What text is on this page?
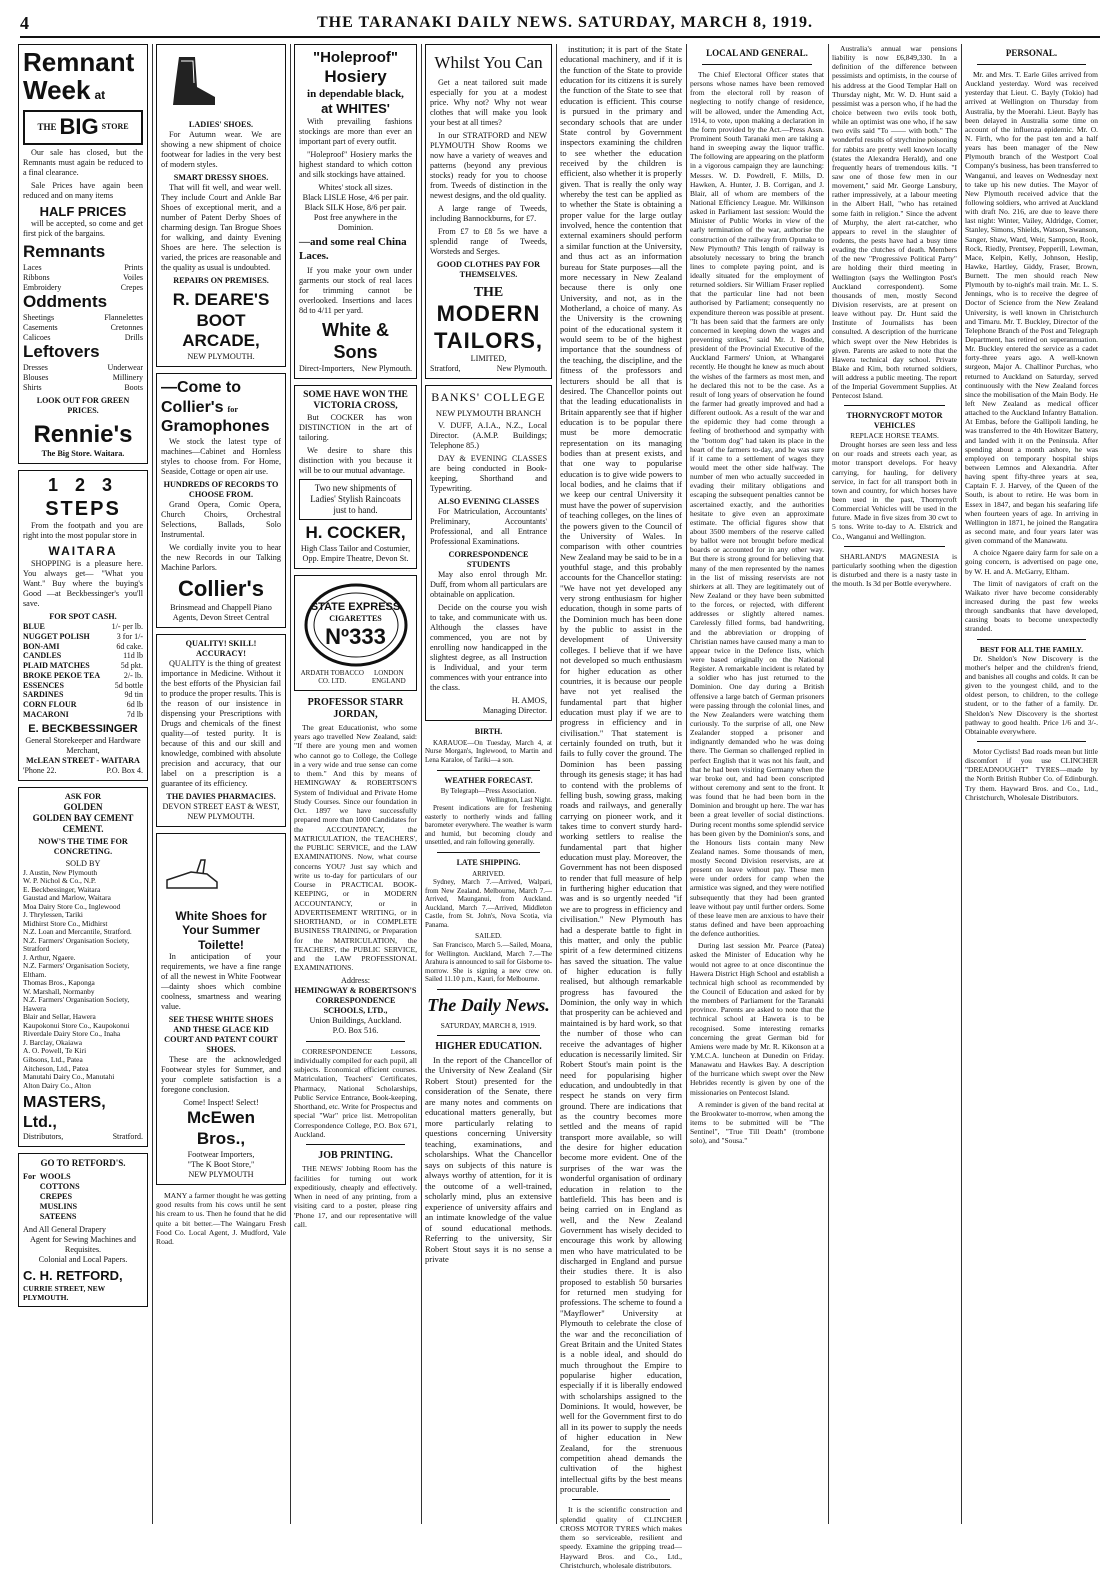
4	THE TARANAKI DAILY NEWS. SATURDAY, MARCH 8, 1919.
Remnant
Week at
THE BIG STORE
Our sale has closed, but the Remnants must again be reduced to a final clearance.
Sale Prices have again been reduced and on many items
HALF PRICES
will be accepted, so come and get first pick of the bargains.
Remnants
Laces	Prints
Ribbons	Voiles
Embroidery	Crepes
Oddments
Sheetings	Flannelettes
Casements	Cretonnes
Calicoes	Drills
Leftovers
Dresses	Underwear
Blouses	Millinery
Shirts	Boots
LOOK OUT FOR GREEN PRICES.
Rennie's
The Big Store. Waitara.
1 2 3
STEPS
From the footpath and you are right into the most popular store in
WAITARA
SHOPPING is a pleasure here. You always get— "What you Want." Buy where the buying's Good —at Beckbessinger's you'll save.
FOR SPOT CASH.
BLUE	1/- per lb.
NUGGET POLISH	3 for 1/-
BON-AMI	6d cake.
CANDLES	11d lb
PLAID MATCHES	5d pkt.
BROKE PEKOE TEA	2/- lb.
ESSENCES	5d bottle
SARDINES	9d tin
CORN FLOUR	6d lb
MACARONI	7d lb
E. BECKBESSINGER
General Storekeeper and Hardware Merchant,
McLEAN STREET - WAITARA
'Phone 22.	P.O. Box 4.
ASK FOR
GOLDEN
GOLDEN BAY CEMENT
CEMENT.
NOW'S THE TIME FOR CONCRETING.
SOLD BY
J. Austin, New Plymouth
W. P. Nichol & Co., N.P.
E. Beckbessinger, Waitara
Gaustad and Marlow, Waitara
Moa Dairy Store Co., Inglewood
J. Thrylessen, Tariki
Midhirst Store Co., Midhirst
N.Z. Loan and Mercantile, Stratford.
N.Z. Farmers' Organisation Society, Stratford
J. Arthur, Ngaere.
N.Z. Farmers' Organisation Society, Eltham.
Thomas Bros., Kaponga
W. Marshall, Normanby
N.Z. Farmers' Organisation Society, Hawera
Blair and Sellar, Hawera
Kaupokonui Store Co., Kaupokonui
Riverdale Dairy Store Co., Inaha
J. Barclay, Okaiawa
A. O. Powell, Te Kiri
Gibsons, Ltd., Patea
Aitcheson, Ltd., Patea
Manutahi Dairy Co., Manutahi
Alton Dairy Co., Alton
MASTERS, Ltd.,
Distributors,	Stratford.
GO TO RETFORD'S.
For WOOLS
COTTONS
CREPES
MUSLINS
SATEENS
And All General Drapery
Agent for Sewing Machines and Requisites.
Colonial and Local Papers.
C. H. RETFORD,
CURRIE STREET, NEW PLYMOUTH.
LADIES' SHOES.
For Autumn wear. We are showing a new shipment of choice footwear for ladies in the very best of modern styles.
SMART DRESSY SHOES.
That will fit well, and wear well. They include Court and Ankle Bar Shoes of exceptional merit, and a number of Patent Derby Shoes of charming design. Tan Brogue Shoes for walking, and dainty Evening Shoes are here. The selection is varied, the prices are reasonable and the quality as usual is undoubted.
REPAIRS ON PREMISES.
R. DEARE'S
BOOT
ARCADE,
NEW PLYMOUTH.
—Come to
Collier's for
Gramophones
We stock the latest type of machines—Cabinet and Hornless styles to choose from. For Home, Seaside, Cottage or open air use.
HUNDREDS OF RECORDS TO CHOOSE FROM.
Grand Opera, Comic Opera, Church Choirs, Orchestral Selections, Ballads, Solo Instrumental.
We cordially invite you to hear the new Records in our Talking Machine Parlors.
Collier's
Brinsmead and Chappell Piano Agents, Devon Street Central
QUALITY! SKILL! ACCURACY!
QUALITY is the thing of greatest importance in Medicine. Without it the best efforts of the Physician fail to produce the proper results. This is the reason of our insistence in dispensing your Prescriptions with Drugs and chemicals of the finest quality—of tested purity. It is because of this and our skill and knowledge, combined with absolute precision and accuracy, that our label on a prescription is a guarantee of its efficiency.
THE DAVIES PHARMACIES.
DEVON STREET EAST & WEST, NEW PLYMOUTH.
White Shoes for
Your Summer
Toilette!
In anticipation of your requirements, we have a fine range of all the newest in White Footwear—dainty shoes which combine coolness, smartness and wearing value.
SEE THESE WHITE SHOES AND THESE GLACE KID COURT AND PATENT COURT SHOES.
These are the acknowledged Footwear styles for Summer, and your complete satisfaction is a foregone conclusion.
Come! Inspect! Select!
McEwen Bros.,
Footwear Importers,
"The K Boot Store,"
NEW PLYMOUTH
MANY a farmer thought he was getting good results from his cows until he sent his cream to us. Then he found that he did quite a bit better.—The Waingaru Fresh Food Co. Local Agent, J. Mudford, Vale Road.
"Holeproof"
Hosiery
in dependable black,
at WHITES'
With prevailing fashions stockings are more than ever an important part of every outfit.
"Holeproof" Hosiery marks the highest standard to which cotton and silk stockings have attained.
Whites' stock all sizes.
Black LISLE Hose, 4/6 per pair.
Black SILK Hose, 8/6 per pair.
Post free anywhere in the Dominion.
—and some real China Laces.
If you make your own under garments our stock of real laces for trimming cannot be overlooked. Insertions and laces 8d to 4/11 per yard.
White & Sons
Direct-Importers, New Plymouth.
SOME HAVE WON THE VICTORIA CROSS,
But COCKER has won DISTINCTION in the art of tailoring.
We desire to share this distinction with you because it will be to our mutual advantage.
Two new shipments of Ladies' Stylish Raincoats just to hand.
H. COCKER,
High Class Tailor and Costumier,
Opp. Empire Theatre, Devon St.
STATE EXPRESS
CIGARETTES
Nº333
ARDATH TOBACCO CO. LTD.
LONDON ENGLAND
PROFESSOR STARR JORDAN,
The great Educationist, who some years ago travelled New Zealand, said: "If there are young men and women who cannot go to College, the College in a very wide and true sense can come to them." And this by means of HEMINGWAY & ROBERTSON'S System of Individual and Private Home Study Courses. Since our foundation in Oct. 1897 we have successfully prepared more than 1000 Candidates for the ACCOUNTANCY, the MATRICULATION, the TEACHERS', the PUBLIC SERVICE, and the LAW EXAMINATIONS. Now, what course concerns YOU? Just say which and write us to-day for particulars of our Course in PRACTICAL BOOK-KEEPING, or in MODERN ACCOUNTANCY, or in ADVERTISEMENT WRITING, or in SHORTHAND, or in COMPLETE BUSINESS TRAINING, or Preparation for the MATRICULATION, the TEACHERS', the PUBLIC SERVICE, and the LAW PROFESSIONAL EXAMINATIONS.
Address:
HEMINGWAY & ROBERTSON'S CORRESPONDENCE SCHOOLS, LTD.,
Union Buildings, Auckland.
P.O. Box 516.
CORRESPONDENCE Lessons, individually compiled for each pupil, all subjects. Economical efficient courses. Matriculation, Teachers' Certificates, Pharmacy, National Scholarships, Public Service Entrance, Book-keeping, Shorthand, etc. Write for Prospectus and special "War" price list. Metropolitan Correspondence College, P.O. Box 671, Auckland.
JOB PRINTING.
THE NEWS' Jobbing Room has the facilities for turning out work expeditiously, cheaply and effectively. When in need of any printing, from a visiting card to a poster, please ring 'Phone 17, and our representative will call.
Whilst You Can
Get a neat tailored suit made especially for you at a modest price. Why not? Why not wear clothes that will make you look your best at all times?
In our STRATFORD and NEW PLYMOUTH Show Rooms we now have a variety of weaves and patterns (beyond any previous stocks) ready for you to choose from. Tweeds of distinction in the newest designs, and the old quality.
A large range of Tweeds, including Bannockburns, for £7.
From £7 to £8 5s we have a splendid range of Tweeds, Worsteds and Serges.
GOOD CLOTHES PAY FOR THEMSELVES.
THE
MODERN
TAILORS,
LIMITED,
Stratford,	New Plymouth.
BANKS' COLLEGE
NEW PLYMOUTH BRANCH
V. DUFF, A.I.A., N.Z., Local Director. (A.M.P. Buildings; Telephone 85.)
DAY & EVENING CLASSES are being conducted in Book-keeping, Shorthand and Typewriting.
ALSO EVENING CLASSES
For Matriculation, Accountants' Preliminary, Accountants' Professional, and all Entrance Professional Examinations.
CORRESPONDENCE STUDENTS
May also enrol through Mr. Duff, from whom all particulars are obtainable on application.
Decide on the course you wish to take, and communicate with us. Although the classes have commenced, you are not by enrolling now handicapped in the slightest degree, as all Instruction is Individual, and your term commences with your entrance into the class.
H. AMOS,
Managing Director.
BIRTH.
KARAUOE—On Tuesday, March 4, at Nurse Morgan's, Inglewood, to Martin and Lena Karaloe, of Tariki—a son.
WEATHER FORECAST.
By Telegraph—Press Association.
Wellington, Last Night.
Present indications are for freshening easterly to northerly winds and falling barometer everywhere. The weather is warm and humid, but becoming cloudy and unsettled, and rain following generally.
LATE SHIPPING.
ARRIVED.
Sydney, March 7.—Arrived, Walpari, from New Zealand. Melbourne, March 7.—Arrived, Maunganui, from Auckland. Auckland, March 7.—Arrived, Middleton Castle, from St. John's, Nova Scotia, via Panama.
SAILED.
San Francisco, March 5.—Sailed, Moana, for Wellington. Auckland, March 7.—The Arahura is announced to sail for Gisborne to-morrow. She is signing a new crew on. Sailed 11.10 p.m., Kauri, for Melbourne.
The Daily News.
SATURDAY, MARCH 8, 1919.
HIGHER EDUCATION.
In the report of the Chancellor of the University of New Zealand (Sir Robert Stout) presented for the consideration of the Senate, there are many notes and comments on educational matters generally, but more particularly relating to questions concerning University teaching, examinations, and scholarships. What the Chancellor says on subjects of this nature is always worthy of attention, for it is the outcome of a well-trained, scholarly mind, plus an extensive experience of university affairs and an intimate knowledge of the value of sound educational methods. Referring to the university, Sir Robert Stout says it is no sense a private
institution; it is part of the State educational machinery, and if it is the function of the State to provide education for its citizens it is surely the function of the State to see that education is efficient. This course is pursued in the primary and secondary schools that are under State control by Government inspectors examining the children to see whether the education received by the children is efficient, also whether it is properly given. That is really the only way whereby the test can be applied as to whether the State is obtaining a proper value for the large outlay involved, hence the contention that external examiners should perform a similar function at the University, and thus act as an information bureau for State purposes—all the more necessary in New Zealand because there is only one University, and not, as in the Motherland, a choice of many. As the University is the crowning point of the educational system it would seem to be of the highest importance that the soundness of the teaching, the discipline, and the fitness of the professors and lecturers should be all that is desired. The Chancellor points out that the leading educationalists in Britain apparently see that if higher education is to be popular there must be more democratic representation on its managing bodies than at present exists, and that one way to popularise education is to give wide powers to local bodies, and he claims that if we keep our central University it must have the power of supervision of teaching colleges, on the lines of the powers given to the Council of the University of Wales. In comparison with other countries New Zealand may be said to be in a youthful stage, and this probably accounts for the Chancellor stating: "We have not yet developed any very strong enthusiasm for higher education, though in some parts of the Dominion much has been done by the public to assist in the development of University colleges. I believe that if we have not developed so much enthusiasm for higher education as other countries, it is because our people have not yet realised the fundamental part that higher education must play if we are to progress in efficiency and in civilisation." That statement is certainly founded on truth, but it fails to fully cover the ground. The Dominion has been passing through its genesis stage; it has had to contend with the problems of felling bush, sowing grass, making roads and railways, and generally carrying on pioneer work, and it takes time to convert sturdy hard-working settlers to realise the fundamental part that higher education must play. Moreover, the Government has not been disposed to render that full measure of help in furthering higher education that was and is so urgently needed "if we are to progress in efficiency and civilisation." New Plymouth has had a desperate battle to fight in this matter, and only the public spirit of a few determined citizens has saved the situation. The value of higher education is fully realised, but although remarkable progress has favoured the Dominion, the only way in which that prosperity can be achieved and maintained is by hard work, so that the number of those who can receive the advantages of higher education is necessarily limited. Sir Robert Stout's main point is the need for popularising higher education, and undoubtedly in that respect he stands on very firm ground. There are indications that as the country becomes more settled and the means of rapid transport more available, so will the desire for higher education become more evident. One of the surprises of the war was the wonderful organisation of ordinary education in relation to the battlefield. This has been and is being carried on in England as well, and the New Zealand Government has wisely decided to encourage this work by allowing men who have matriculated to be discharged in England and pursue their studies there. It is also proposed to establish 50 bursaries for returned men studying for professions. The scheme to found a "Mayflower" University at Plymouth to celebrate the close of the war and the reconciliation of Great Britain and the United States is a noble ideal, and should do much throughout the Empire to popularise higher education, especially if it is liberally endowed with scholarships assigned to the Dominions. It would, however, be well for the Government first to do all in its power to supply the needs of higher education in New Zealand, for the strenuous competition ahead demands the cultivation of the highest intellectual gifts by the best means procurable.
It is the scientific construction and splendid quality of CLINCHER CROSS MOTOR TYRES which makes them so serviceable, resilient and speedy. Examine the gripping tread—Hayward Bros. and Co., Ltd., Christchurch, wholesale distributors.
LOCAL AND GENERAL.
The Chief Electoral Officer states that persons whose names have been removed from the electoral roll by reason of neglecting to notify change of residence, will be allowed, under the Amending Act, 1914, to vote, upon making a declaration in the form provided by the Act.—Press Assn. Prominent South Taranaki men are taking a hand in sweeping away the liquor traffic. The following are appearing on the platform in a vigorous campaign they are launching: Messrs. W. D. Powdrell, F. Mills, D. Hawken, A. Hunter, J. B. Corrigan, and J. Blair, all of whom are members of the National Efficiency League. Mr. Wilkinson asked in Parliament last session: Would the Minister of Public Works in view of the early termination of the war, authorise the construction of the railway from Opunake to New Plymouth? This length of railway is absolutely necessary to bring the branch lines to complete paying point, and is ideally situated for the employment of returned soldiers. Sir William Fraser replied that the particular line had not been authorised by Parliament; consequently no expenditure thereon was possible at present. "It has been said that the farmers are only concerned in keeping down the wages and preventing strikes," said Mr. J. Boddie, president of the Provincial Executive of the Auckland Farmers' Union, at Whangarei recently. He thought he knew as much about the wishes of the farmers as most men, and he declared this not to be the case. As a result of long years of observation he found the farmer had greatly improved and had a different outlook. As a result of the war and the epidemic they had come through a feeling of brotherhood and sympathy with the "bottom dog" had taken its place in the heart of the farmers to-day, and he was sure if it came to a settlement of wages they would meet the other side halfway. The number of men who actually succeeded in evading their military obligations and escaping the subsequent penalties cannot be ascertained exactly, and the authorities hesitate to give even an approximate estimate. The official figures show that about 3500 members of the reserve called by ballot were not brought before medical boards or accounted for in any other way. But there is strong ground for believing that many of the men represented by the names in the list of missing reservists are not shirkers at all. They are legitimately out of New Zealand or they have been submitted to the forces, or rejected, with different addresses or slightly altered names. Carelessly filled forms, bad handwriting, and the abbreviation or dropping of Christian names have caused many a man to appear twice in the Defence lists, which were based originally on the National Register. A remarkable incident is related by a soldier who has just returned to the Dominion. One day during a British offensive a large batch of German prisoners were passing through the colonial lines, and the New Zealanders were watching them curiously. To the surprise of all, one New Zealander stopped a prisoner and indignantly demanded who he was doing there. The German so challenged replied in perfect English that it was not his fault, and that he had been visiting Germany when the war broke out, and had been conscripted without ceremony and sent to the front. It was found that he had been born in the Dominion and brought up here. The war has been a great leveller of social distinctions. During recent months some splendid service has been given by the Dominion's sons, and the Honours lists contain many New Zealand names. Some thousands of men, mostly Second Division reservists, are at present on leave without pay. These men were under orders for camp when the armistice was signed, and they were notified subsequently that they had been granted leave without pay until further orders. Some of these leave men are anxious to have their status defined and have been approaching the defence authorities.
During last session Mr. Pearce (Patea) asked the Minister of Education why he would not agree to at once discontinue the Hawera District High School and establish a technical high school as recommended by the Council of Education and asked for by the members of Parliament for the Taranaki province. Parents are asked to note that the technical school at Hawera is to be recognised. Some interesting remarks concerning the great German bid for Amiens were made by Mr. R. Kikonson at a Y.M.C.A. luncheon at Dunedin on Friday. Manawatu and Hawkes Bay. A description of the hurricane which swept over the New Hebrides recently is given by one of the missionaries on Pentecost Island.
A reminder is given of the band recital at the Brookwater to-morrow, when among the items to be submitted will be "The Sentinel", "True Till Death" (trombone solo), and "Sousa."
Australia's annual war pensions liability is now £6,849,330. In a definition of the difference between pessimists and optimists, in the course of his address at the Good Templar Hall on Thursday night, Mr. W. D. Hunt said a pessimist was a person who, if he had the choice between two evils took both, while an optimist was one who, if he saw two evils said "To —— with both." The wonderful results of strychnine poisoning for rabbits are pretty well known locally (states the Alexandra Herald), and one frequently hears of tremendous kills. "I saw one of those few men in our movement," said Mr. George Lansbury, rather impressively, at a labour meeting in the Albert Hall, "who has retained some faith in religion." Since the advent of Murphy, the alert rat-catcher, who appears to revel in the slaughter of rodents, the pests have had a busy time evading the clutches of death. Members of the new "Progressive Political Party" are holding their third meeting in Wellington (says the Wellington Post's Auckland correspondent). Some thousands of men, mostly Second Division reservists, are at present on leave without pay. Dr. Hunt said the Institute of Journalists has been consulted. A description of the hurricane which swept over the New Hebrides is given. Parents are asked to note that the Hawera technical day school. Private Blake and Kim, both returned soldiers, will address a public meeting. The report of the Imperial Government Supplies. At Pentecost Island.
THORNYCROFT MOTOR VEHICLES
REPLACE HORSE TEAMS.
Drought horses are seen less and less on our roads and streets each year, as motor transport develops. For heavy carrying, for hauling, for delivery service, in fact for all transport both in town and country, for which horses have been used in the past, Thornycroft Commercial Vehicles will be used in the future. Made in five sizes from 30 cwt to 5 tons. Write to-day to A. Elstrick and Co., Wanganui and Wellington.
SHARLAND'S MAGNESIA is particularly soothing when the digestion is disturbed and there is a nasty taste in the mouth. Is 3d per Bottle everywhere.
PERSONAL.
Mr. and Mrs. T. Earle Giles arrived from Auckland yesterday. Word was received yesterday that Lieut. C. Bayly (Tokio) had arrived at Wellington on Thursday from Australia, by the Moerahi. Lieut. Bayly has been delayed in Australia some time on account of the influenza epidemic. Mr. O. N. Firth, who for the past ten and a half years has been manager of the New Plymouth branch of the Westport Coal Company's business, has been transferred to Wanganui, and leaves on Wednesday next to take up his new duties. The Mayor of New Plymouth received advice that the following soldiers, who arrived at Auckland with draft No. 216, are due to leave there last night: Winter, Vailey, Aldridge, Comer, Stanley, Simons, Shields, Watson, Swanson, Sanger, Shaw, Ward, Weir, Sampson, Rook, Rock, Riedly, Prentsey, Pepperill, Lewman, Mace, Kelpin, Kelly, Johnson, Heslip, Hawke, Hartley, Giddy, Fraser, Brown, Burnett. The men should reach New Plymouth by to-night's mail train. Mr. L. S. Jennings, who is to receive the degree of Doctor of Science from the New Zealand University, is well known in Christchurch and Timaru. Mr. T. Buckley, Director of the Telephone Branch of the Post and Telegraph Department, has retired on superannuation. Mr. Buckley entered the service as a cadet forty-three years ago. A well-known surgeon, Major A. Challinor Purchas, who returned to Auckland on Saturday, served continuously with the New Zealand forces since the mobilisation of the Main Body. He left New Zealand as medical officer attached to the Auckland Infantry Battalion. At Embas, before the Gallipoli landing, he was transferred to the 4th Howitzer Battery, and landed with it on the Peninsula. After spending about a month ashore, he was employed on temporary hospital ships between Lemnos and Alexandria. After having spent fifty-three years at sea, Captain F. J. Harvey, of the Queen of the South, is about to retire. He was born in Essex in 1847, and began his seafaring life when fourteen years of age. In arriving in Wellington in 1871, he joined the Rangatira as second mate, and four years later was given command of the Manawatu.
A choice Ngaere dairy farm for sale on a going concern, is advertised on page one, by W. H. and A. McGarry, Eltham.
The limit of navigators of craft on the Waikato river have become considerably increased during the past few weeks through sandbanks that have developed, causing boats to become unexpectedly stranded.
BEST FOR ALL THE FAMILY.
Dr. Sheldon's New Discovery is the mother's helper and the children's friend, and banishes all coughs and colds. It can be given to the youngest child, and to the oldest person, to children, to the college student, or to the father of a family. Dr. Sheldon's New Discovery is the shortest pathway to good health. Price 1/6 and 3/-. Obtainable everywhere.
Motor Cyclists! Bad roads mean but little discomfort if you use CLINCHER "DREADNOUGHT" TYRES—made by the North British Rubber Co. of Edinburgh. Try them. Hayward Bros. and Co., Ltd., Christchurch, Wholesale Distributors.
